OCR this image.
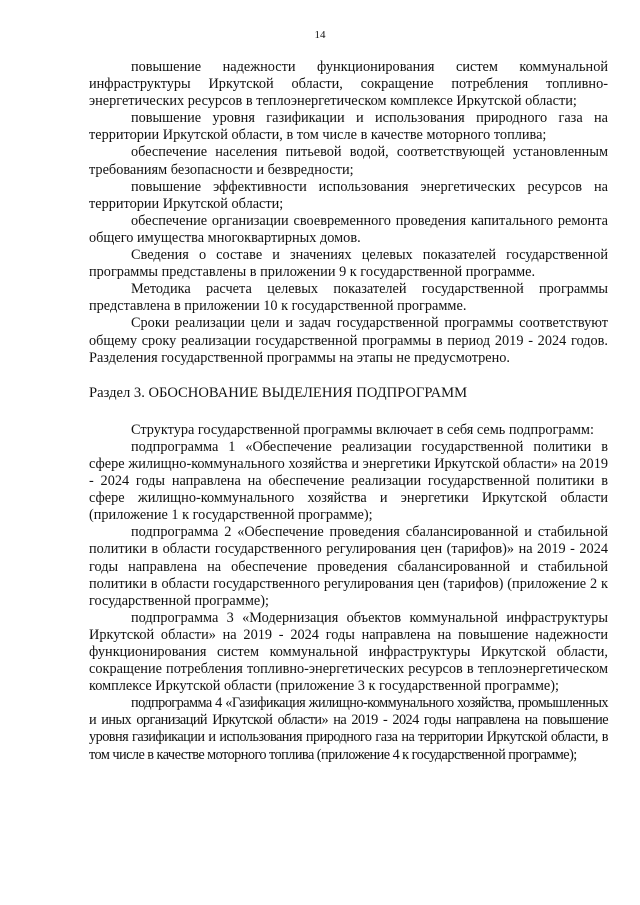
14

повышение надежности функционирования систем коммунальной инфраструктуры Иркутской области, сокращение потребления топливно-энергетических ресурсов в теплоэнергетическом комплексе Иркутской области;

повышение уровня газификации и использования природного газа на территории Иркутской области, в том числе в качестве моторного топлива;

обеспечение населения питьевой водой, соответствующей установленным требованиям безопасности и безвредности;

повышение эффективности использования энергетических ресурсов на территории Иркутской области;

обеспечение организации своевременного проведения капитального ремонта общего имущества многоквартирных домов.

Сведения о составе и значениях целевых показателей государственной программы представлены в приложении 9 к государственной программе.

Методика расчета целевых показателей государственной программы представлена в приложении 10 к государственной программе.

Сроки реализации цели и задач государственной программы соответствуют общему сроку реализации государственной программы в период 2019 - 2024 годов. Разделения государственной программы на этапы не предусмотрено.

Раздел 3. ОБОСНОВАНИЕ ВЫДЕЛЕНИЯ ПОДПРОГРАММ

Структура государственной программы включает в себя семь подпрограмм:

подпрограмма 1 «Обеспечение реализации государственной политики в сфере жилищно-коммунального хозяйства и энергетики Иркутской области» на 2019 - 2024 годы направлена на обеспечение реализации государственной политики в сфере жилищно-коммунального хозяйства и энергетики Иркутской области (приложение 1 к государственной программе);

подпрограмма 2 «Обеспечение проведения сбалансированной и стабильной политики в области государственного регулирования цен (тарифов)» на 2019 - 2024 годы направлена на обеспечение проведения сбалансированной и стабильной политики в области государственного регулирования цен (тарифов) (приложение 2 к государственной программе);

подпрограмма 3 «Модернизация объектов коммунальной инфраструктуры Иркутской области» на 2019 - 2024 годы направлена на повышение надежности функционирования систем коммунальной инфраструктуры Иркутской области, сокращение потребления топливно-энергетических ресурсов в теплоэнергетическом комплексе Иркутской области (приложение 3 к государственной программе);

подпрограмма 4 «Газификация жилищно-коммунального хозяйства, промышленных и иных организаций Иркутской области» на 2019 - 2024 годы направлена на повышение уровня газификации и использования природного газа на территории Иркутской области, в том числе в качестве моторного топлива (приложение 4 к государственной программе);
